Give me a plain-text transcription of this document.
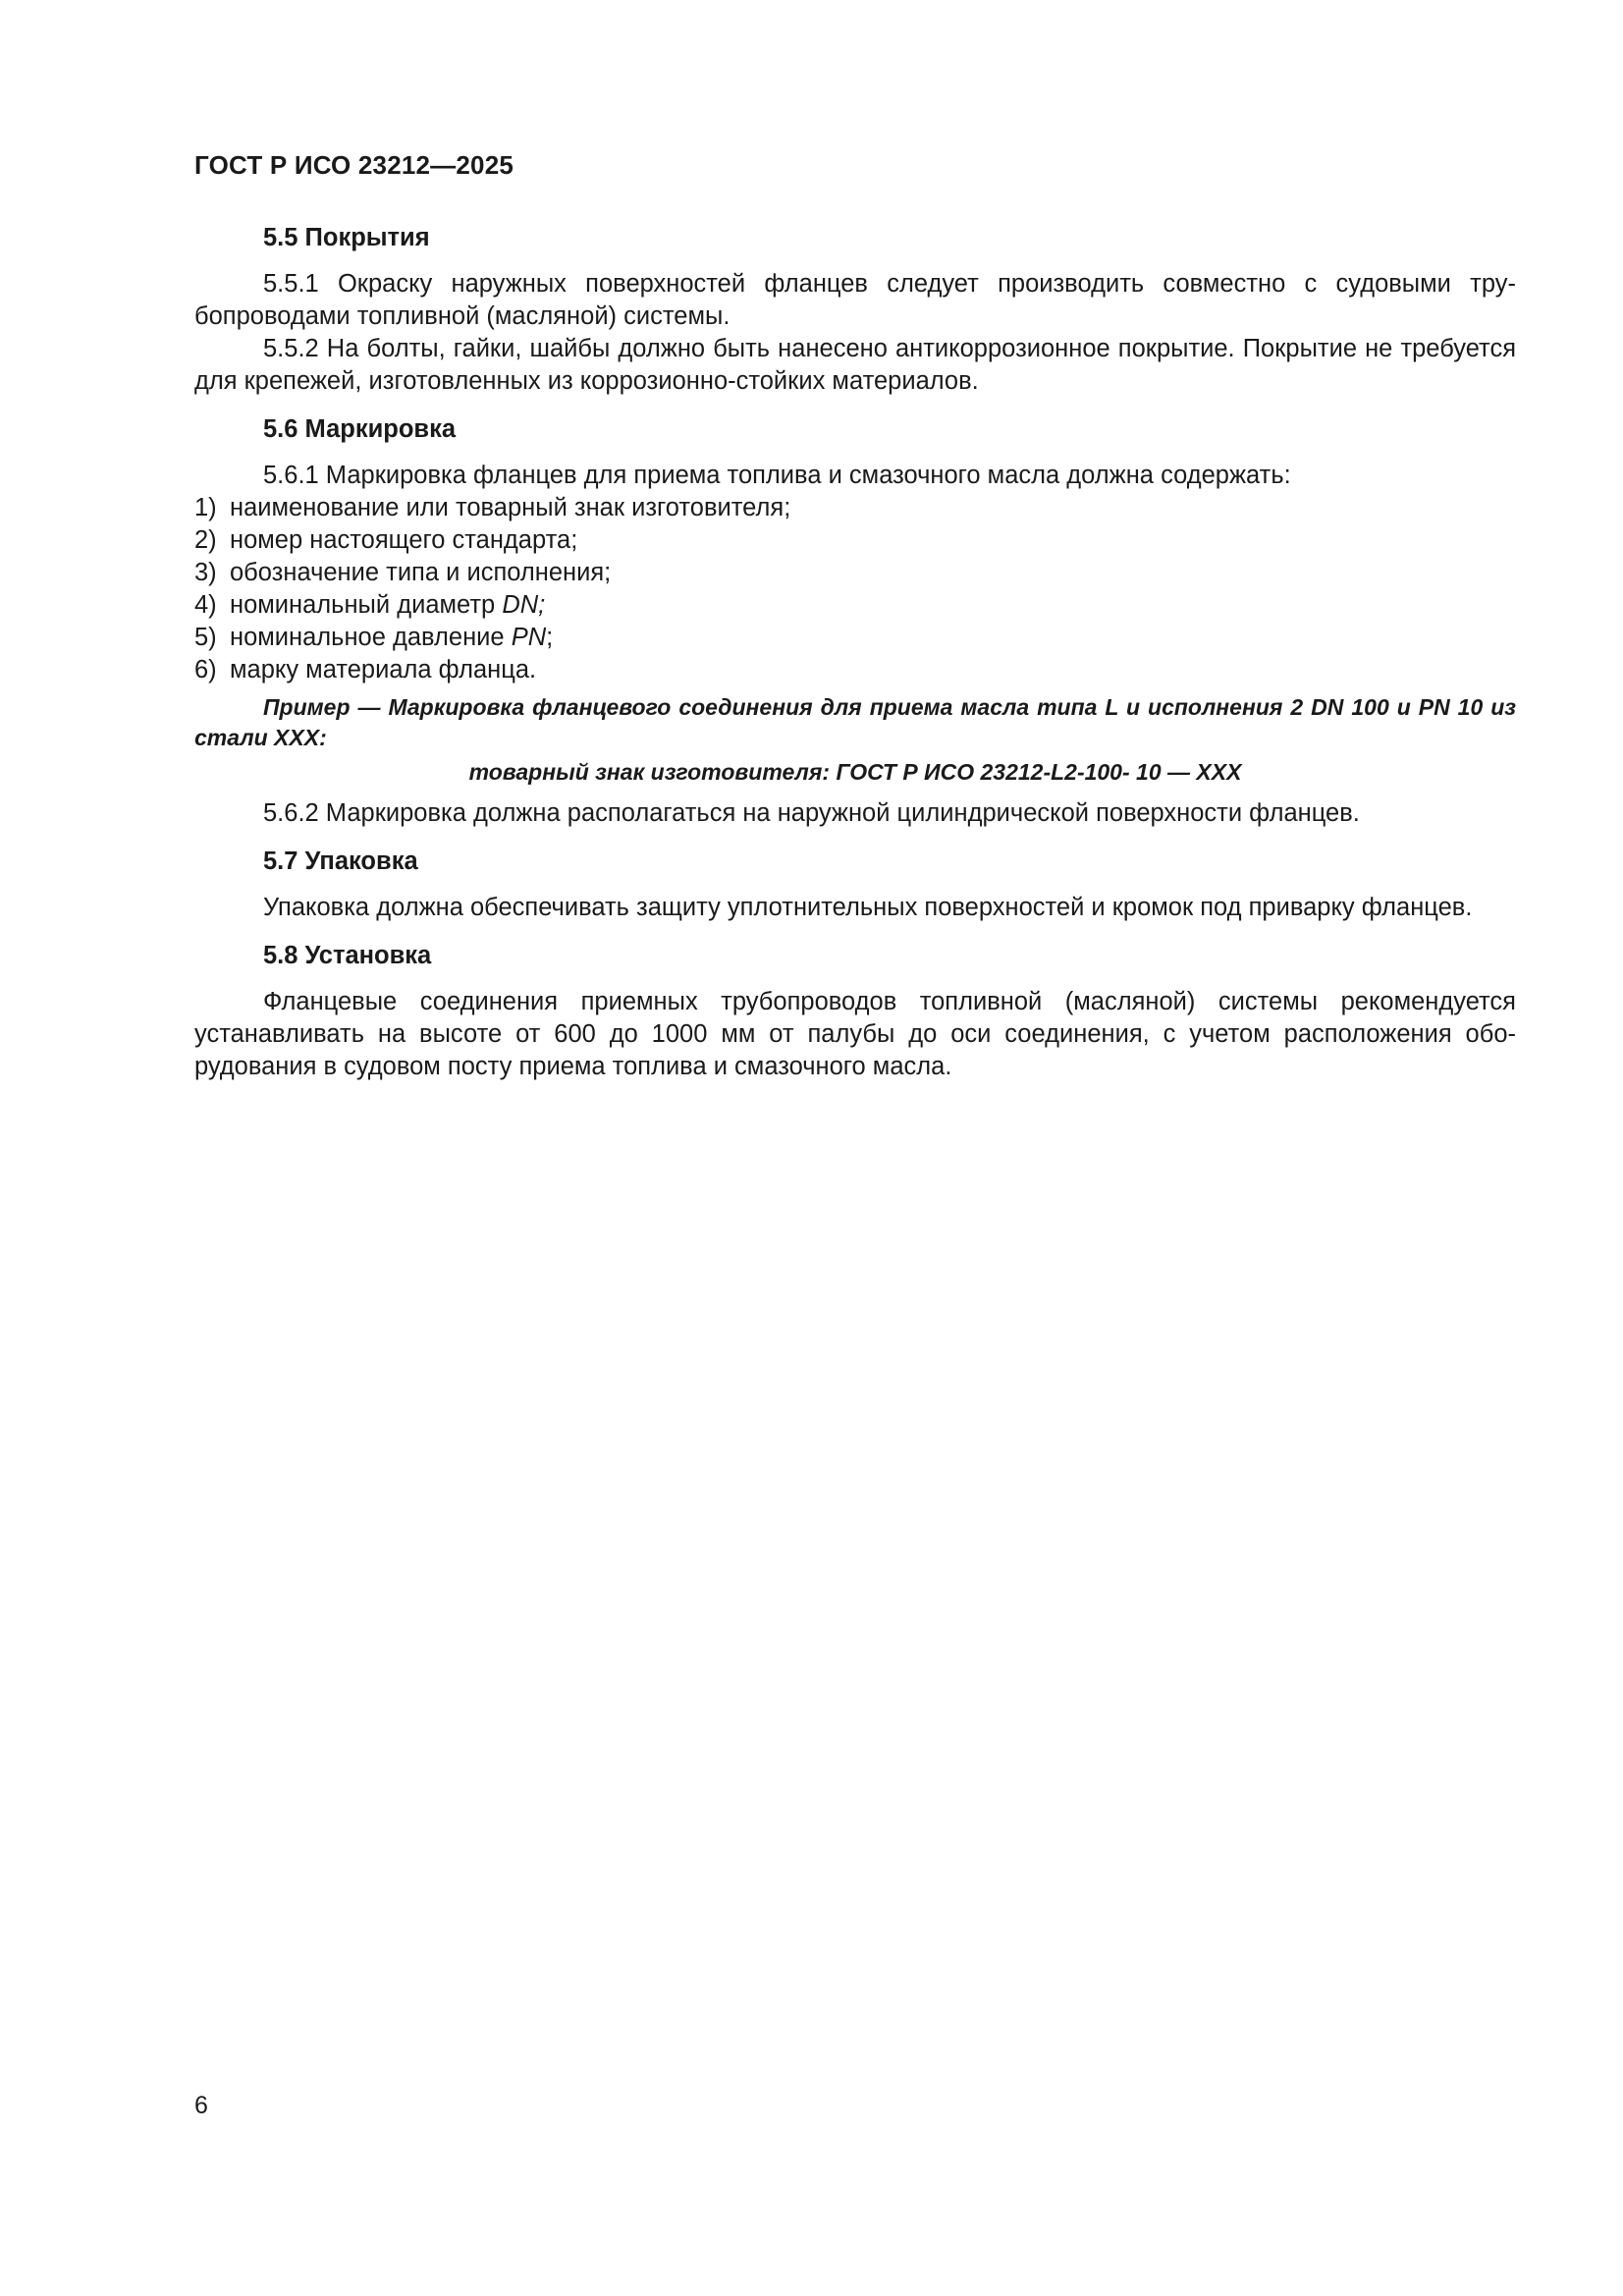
ГОСТ Р ИСО 23212—2025
5.5 Покрытия

5.5.1 Окраску наружных поверхностей фланцев следует производить совместно с судовыми тру-бопроводами топливной (масляной) системы.

5.5.2 На болты, гайки, шайбы должно быть нанесено антикоррозионное покрытие. Покрытие не требуется для крепежей, изготовленных из коррозионно-стойких материалов.

5.6 Маркировка

5.6.1 Маркировка фланцев для приема топлива и смазочного масла должна содержать:

1) наименование или товарный знак изготовителя;
2) номер настоящего стандарта;
3) обозначение типа и исполнения;
4) номинальный диаметр DN;
5) номинальное давление PN;
6) марку материала фланца.

Пример — Маркировка фланцевого соединения для приема масла типа L и исполнения 2 DN 100 и PN 10 из стали ХХХ:

товарный знак изготовителя: ГОСТ Р ИСО 23212-L2-100- 10 — ХХХ

5.6.2 Маркировка должна располагаться на наружной цилиндрической поверхности фланцев.

5.7 Упаковка

Упаковка должна обеспечивать защиту уплотнительных поверхностей и кромок под приварку фланцев.

5.8 Установка

Фланцевые соединения приемных трубопроводов топливной (масляной) системы рекомендуется устанавливать на высоте от 600 до 1000 мм от палубы до оси соединения, с учетом расположения обо-рудования в судовом посту приема топлива и смазочного масла.

6
